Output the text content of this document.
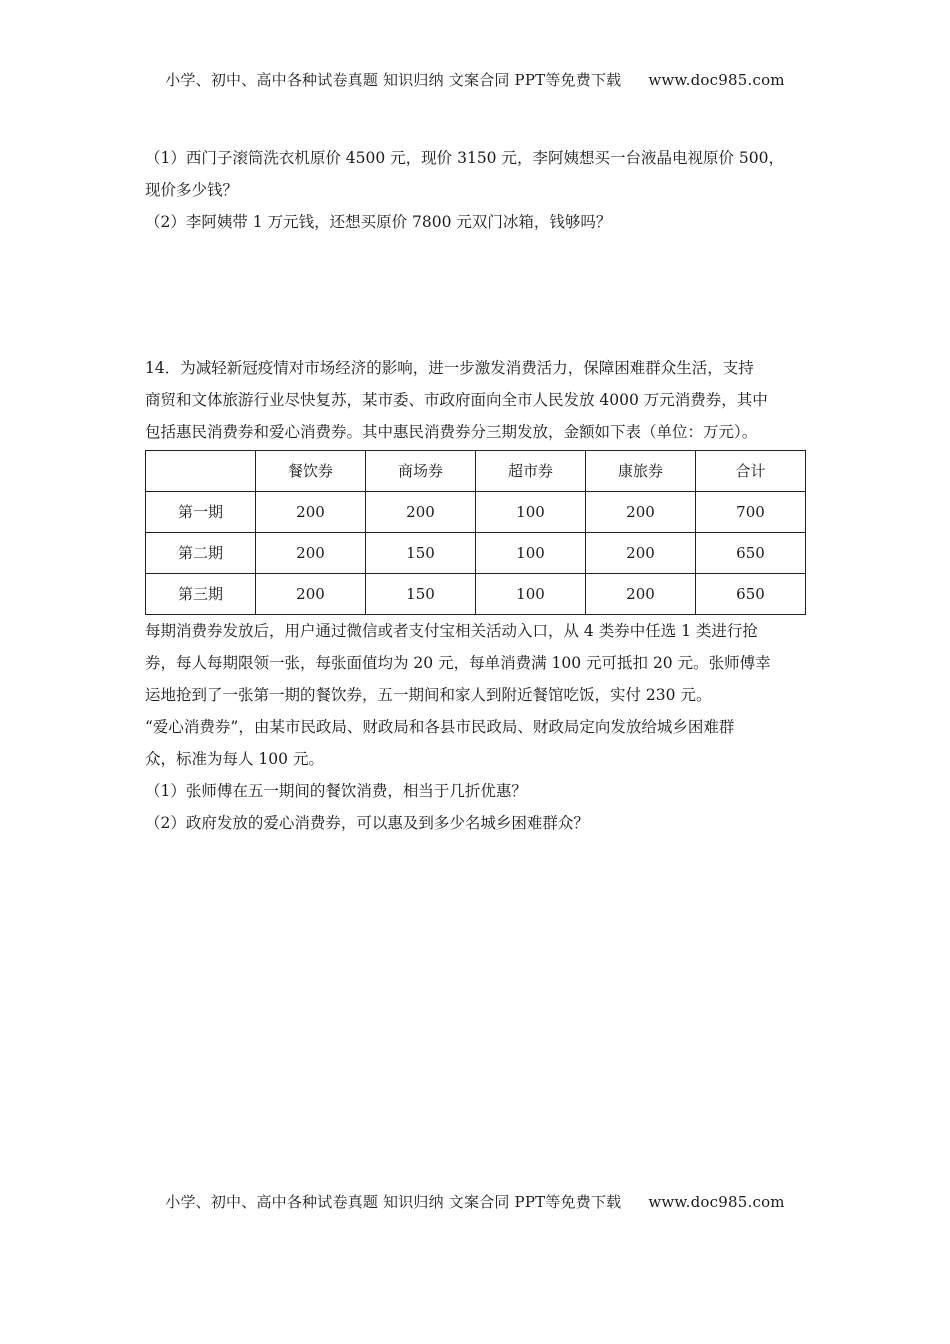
小学、初中、高中各种试卷真题 知识归纳 文案合同 PPT等免费下载 www.doc985.com

（1）西门子滚筒洗衣机原价 4500 元，现价 3150 元，李阿姨想买一台液晶电视原价 500，

现价多少钱？

（2）李阿姨带 1 万元钱，还想买原价 7800 元双门冰箱，钱够吗？

14．为减轻新冠疫情对市场经济的影响，进一步激发消费活力，保障困难群众生活，支持

商贸和文体旅游行业尽快复苏，某市委、市政府面向全市人民发放 4000 万元消费券，其中

包括惠民消费券和爱心消费券。其中惠民消费券分三期发放，金额如下表（单位：万元）。

	餐饮券	商场券	超市券	康旅券	合计
第一期	200	200	100	200	700
第二期	200	150	100	200	650
第三期	200	150	100	200	650

每期消费券发放后，用户通过微信或者支付宝相关活动入口，从 4 类券中任选 1 类进行抢

券，每人每期限领一张，每张面值均为 20 元，每单消费满 100 元可抵扣 20 元。张师傅幸

运地抢到了一张第一期的餐饮券，五一期间和家人到附近餐馆吃饭，实付 230 元。

“爱心消费券”，由某市民政局、财政局和各县市民政局、财政局定向发放给城乡困难群

众，标准为每人 100 元。

（1）张师傅在五一期间的餐饮消费，相当于几折优惠？

（2）政府发放的爱心消费券，可以惠及到多少名城乡困难群众？

小学、初中、高中各种试卷真题 知识归纳 文案合同 PPT等免费下载 www.doc985.com
